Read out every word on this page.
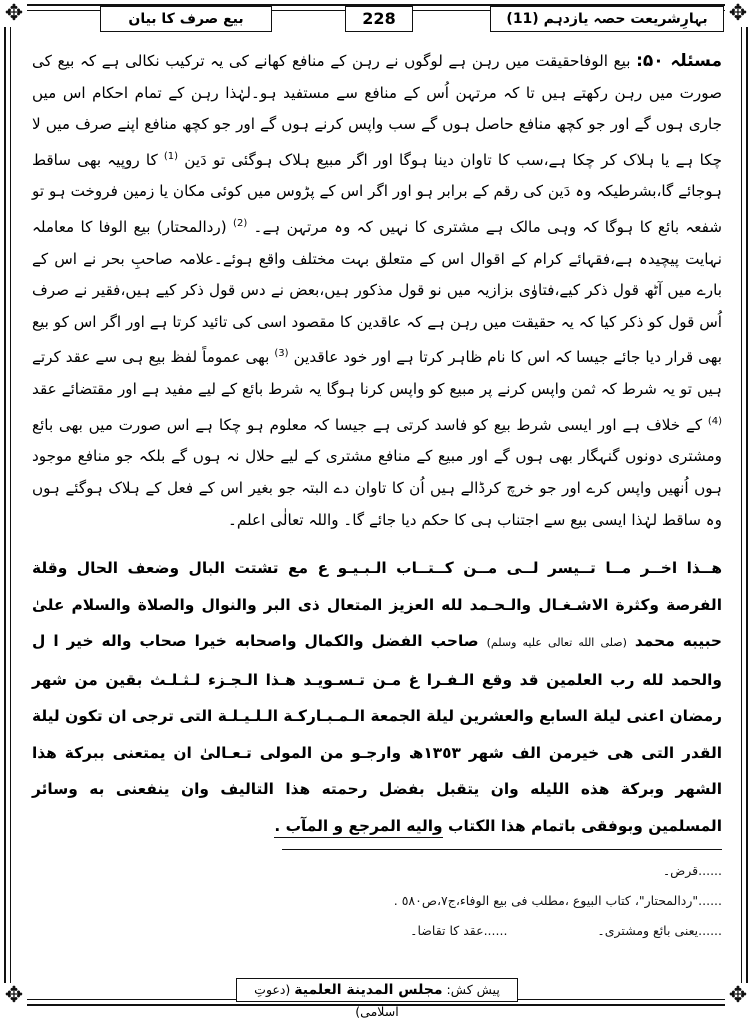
✥	✥
✥	✥
بیع صرف کا بیان	228	بہارِشریعت حصہ یازدہم (11)

مسئلہ ۵۰: بیع الوفاحقیقت میں رہن ہے لوگوں نے رہن کے منافع کھانے کی یہ ترکیب نکالی ہے کہ بیع کی صورت میں رہن رکھتے ہیں تا کہ مرتہن اُس کے منافع سے مستفید ہو۔لہٰذا رہن کے تمام احکام اس میں جاری ہوں گے اور جو کچھ منافع حاصل ہوں گے سب واپس کرنے ہوں گے اور جو کچھ منافع اپنے صرف میں لا چکا ہے یا ہلاک کر چکا ہے،سب کا تاوان دینا ہوگا اور اگر مبیع ہلاک ہوگئی تو دَین $^{(1)}$ کا روپیہ بھی ساقط ہوجائے گا،بشرطیکہ وہ دَین کی رقم کے برابر ہو اور اگر اس کے پڑوس میں کوئی مکان یا زمین فروخت ہو تو شفعہ بائع کا ہوگا کہ وہی مالک ہے مشتری کا نہیں کہ وہ مرتہن ہے۔ $^{(2)}$ (ردالمحتار) بیع الوفا کا معاملہ نہایت پیچیدہ ہے،فقہائے کرام کے اقوال اس کے متعلق بہت مختلف واقع ہوئے۔علامہ صاحبِ بحر نے اس کے بارے میں آٹھ قول ذکر کیے،فتاوٰی بزازیہ میں نو قول مذکور ہیں،بعض نے دس قول ذکر کیے ہیں،فقیر نے صرف اُس قول کو ذکر کیا کہ یہ حقیقت میں رہن ہے کہ عاقدین کا مقصود اسی کی تائید کرتا ہے اور اگر اس کو بیع بھی قرار دیا جائے جیسا کہ اس کا نام ظاہر کرتا ہے اور خود عاقدین $^{(3)}$ بھی عموماً لفظ بیع ہی سے عقد کرتے ہیں تو یہ شرط کہ ثمن واپس کرنے پر مبیع کو واپس کرنا ہوگا یہ شرط بائع کے لیے مفید ہے اور مقتضائے عقد $^{(4)}$ کے خلاف ہے اور ایسی شرط بیع کو فاسد کرتی ہے جیسا کہ معلوم ہو چکا ہے اس صورت میں بھی بائع ومشتری دونوں گنہگار بھی ہوں گے اور مبیع کے منافع مشتری کے لیے حلال نہ ہوں گے بلکہ جو منافع موجود ہوں اُنھیں واپس کرے اور جو خرچ کرڈالے ہیں اُن کا تاوان دے البتہ جو بغیر اس کے فعل کے ہلاک ہوگئے ہوں وہ ساقط لہٰذا ایسی بیع سے اجتناب ہی کا حکم دیا جائے گا۔ واللہ تعالٰی اعلم۔

هــذا اخــر مــا تــيسر لــى مــن كــتــاب الـبـيـو ع مع تشتت البال وضعف الحال وقلة الفرصة وكثرة الاشـغـال والـحـمد لله العزيز المتعال ذى البر والنوال والصلاة والسلام علىٰ حبيبه محمد (صلى الله تعالى عليه وسلم) صاحب الفضل والكمال واصحابه خيرا صحاب واله خير ا ل والحمد لله رب العلمين قد وقع الـفـرا غ مـن تـسـويـد هـذا الـجـزء لـثـلـث بقين من شهر رمضان اعنى ليلة السابع والعشرين ليلة الجمعة الـمـبـاركـة الـلـيـلـة التى ترجى ان تكون ليلة القدر التى هى خيرمن الف شهر ١٣٥٣ھ وارجـو من المولى تـعـالىٰ ان يمتعنى ببركة هذا الشهر وبركة هذه الليله وان يتقبل بفضل رحمته هذا التاليف وان ينفعنى به وسائر المسلمين وبوفقى باتمام هذا الكتاب واليه المرجع و المآب .

......قرض۔
......"ردالمحتار"، كتاب البيوع ،مطلب فى بيع الوفاء،ج٧،ص٥٨٠ .
......یعنی بائع ومشتری۔
......عقد کا تقاضا۔
پیش کش: مجلس المدينة العلمية (دعوتِ اسلامی)
